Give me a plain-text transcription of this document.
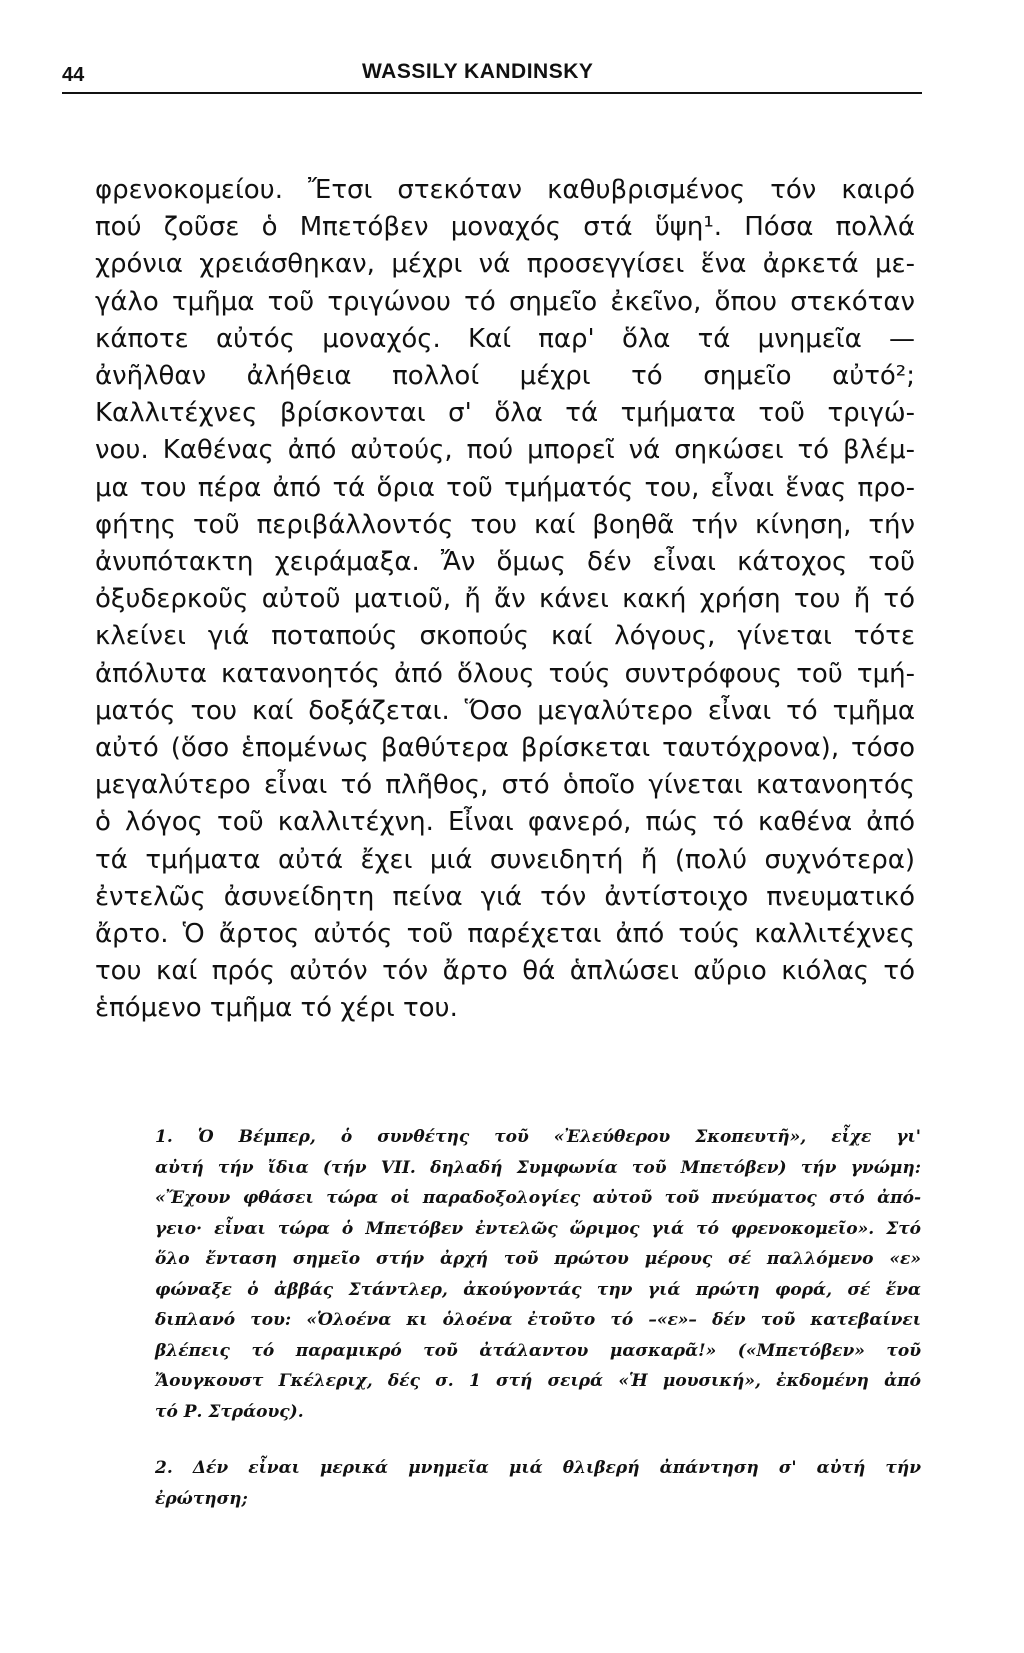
44	WASSILY KANDINSKY
φρενοκομείου. Ἔτσι στεκόταν καθυβρισμένος τόν καιρό
πού ζοῦσε ὁ Μπετόβεν μοναχός στά ὕψη¹. Πόσα πολλά
χρόνια χρειάσθηκαν, μέχρι νά προσεγγίσει ἕνα ἀρκετά με-
γάλο τμῆμα τοῦ τριγώνου τό σημεῖο ἐκεῖνο, ὅπου στεκόταν
κάποτε αὐτός μοναχός. Καί παρ' ὅλα τά μνημεῖα —
ἀνῆλθαν ἀλήθεια πολλοί μέχρι τό σημεῖο αὐτό²;
Καλλιτέχνες βρίσκονται σ' ὅλα τά τμήματα τοῦ τριγώ-
νου. Καθένας ἀπό αὐτούς, πού μπορεῖ νά σηκώσει τό βλέμ-
μα του πέρα ἀπό τά ὅρια τοῦ τμήματός του, εἶναι ἕνας προ-
φήτης τοῦ περιβάλλοντός του καί βοηθᾶ τήν κίνηση, τήν
ἀνυπότακτη χειράμαξα. Ἄν ὅμως δέν εἶναι κάτοχος τοῦ
ὀξυδερκοῦς αὐτοῦ ματιοῦ, ἤ ἄν κάνει κακή χρήση του ἤ τό
κλείνει γιά ποταπούς σκοπούς καί λόγους, γίνεται τότε
ἀπόλυτα κατανοητός ἀπό ὅλους τούς συντρόφους τοῦ τμή-
ματός του καί δοξάζεται. Ὅσο μεγαλύτερο εἶναι τό τμῆμα
αὐτό (ὅσο ἑπομένως βαθύτερα βρίσκεται ταυτόχρονα), τόσο
μεγαλύτερο εἶναι τό πλῆθος, στό ὁποῖο γίνεται κατανοητός
ὁ λόγος τοῦ καλλιτέχνη. Εἶναι φανερό, πώς τό καθένα ἀπό
τά τμήματα αὐτά ἔχει μιά συνειδητή ἤ (πολύ συχνότερα)
ἐντελῶς ἀσυνείδητη πείνα γιά τόν ἀντίστοιχο πνευματικό
ἄρτο. Ὁ ἄρτος αὐτός τοῦ παρέχεται ἀπό τούς καλλιτέχνες
του καί πρός αὐτόν τόν ἄρτο θά ἁπλώσει αὔριο κιόλας τό
ἑπόμενο τμῆμα τό χέρι του.
1. Ὁ Βέμπερ, ὁ συνθέτης τοῦ «Ἐλεύθερου Σκοπευτῆ», εἶχε γι'
αὐτή τήν ἴδια (τήν VII. δηλαδή Συμφωνία τοῦ Μπετόβεν) τήν γνώμη:
«Ἔχουν φθάσει τώρα οἱ παραδοξολογίες αὐτοῦ τοῦ πνεύματος στό ἀπό-
γειο· εἶναι τώρα ὁ Μπετόβεν ἐντελῶς ὥριμος γιά τό φρενοκομεῖο». Στό
ὅλο ἔνταση σημεῖο στήν ἀρχή τοῦ πρώτου μέρους σέ παλλόμενο «ε»
φώναξε ὁ ἀββάς Στάντλερ, ἀκούγοντάς την γιά πρώτη φορά, σέ ἕνα
διπλανό του: «Ὁλοένα κι ὁλοένα ἐτοῦτο τό –«ε»– δέν τοῦ κατεβαίνει
βλέπεις τό παραμικρό τοῦ ἀτάλαντου μασκαρᾶ!» («Μπετόβεν» τοῦ
Ἄουγκουστ Γκέλεριχ, δές σ. 1 στή σειρά «Ἡ μουσική», ἐκδομένη ἀπό
τό Ρ. Στράους).
2. Δέν εἶναι μερικά μνημεῖα μιά θλιβερή ἀπάντηση σ' αὐτή τήν
ἐρώτηση;
